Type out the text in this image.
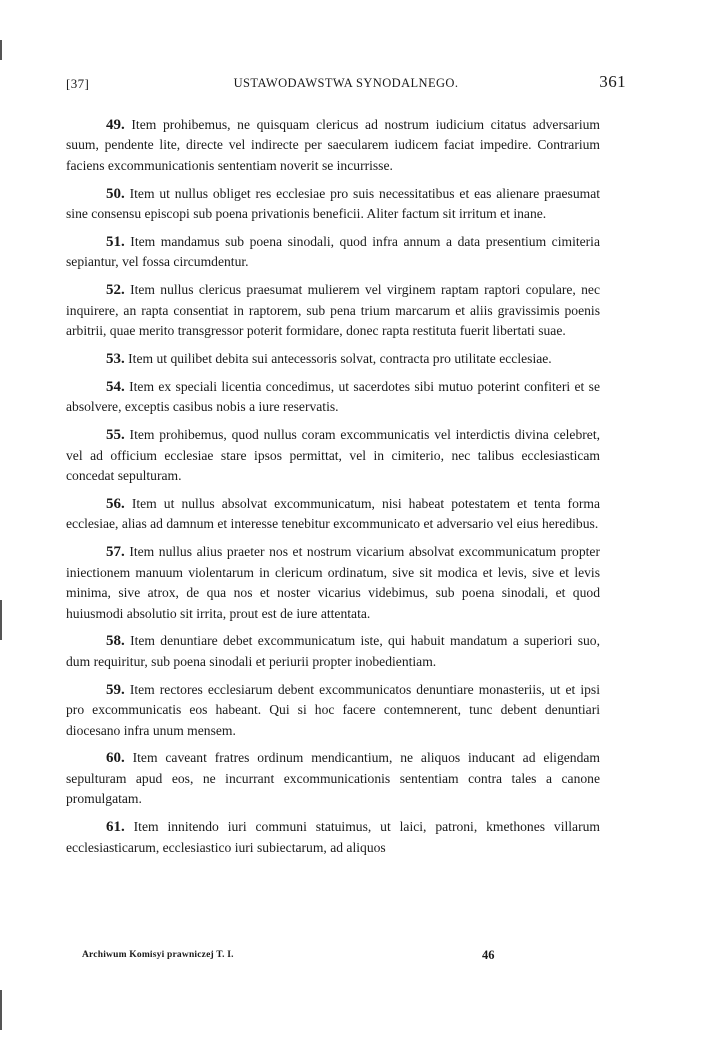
[37]	USTAWODAWSTWA SYNODALNEGO.	361

49. Item prohibemus, ne quisquam clericus ad nostrum iudicium citatus adversarium suum, pendente lite, directe vel indirecte per saecularem iudicem faciat impedire. Contrarium faciens excommunicationis sententiam noverit se incurrisse.

50. Item ut nullus obliget res ecclesiae pro suis necessitatibus et eas alienare praesumat sine consensu episcopi sub poena privationis beneficii. Aliter factum sit irritum et inane.

51. Item mandamus sub poena sinodali, quod infra annum a data presentium cimiteria sepiantur, vel fossa circumdentur.

52. Item nullus clericus praesumat mulierem vel virginem raptam raptori copulare, nec inquirere, an rapta consentiat in raptorem, sub pena trium marcarum et aliis gravissimis poenis arbitrii, quae merito transgressor poterit formidare, donec rapta restituta fuerit libertati suae.

53. Item ut quilibet debita sui antecessoris solvat, contracta pro utilitate ecclesiae.

54. Item ex speciali licentia concedimus, ut sacerdotes sibi mutuo poterint confiteri et se absolvere, exceptis casibus nobis a iure reservatis.

55. Item prohibemus, quod nullus coram excommunicatis vel interdictis divina celebret, vel ad officium ecclesiae stare ipsos permittat, vel in cimiterio, nec talibus ecclesiasticam concedat sepulturam.

56. Item ut nullus absolvat excommunicatum, nisi habeat potestatem et tenta forma ecclesiae, alias ad damnum et interesse tenebitur excommunicato et adversario vel eius heredibus.

57. Item nullus alius praeter nos et nostrum vicarium absolvat excommunicatum propter iniectionem manuum violentarum in clericum ordinatum, sive sit modica et levis, sive et levis minima, sive atrox, de qua nos et noster vicarius videbimus, sub poena sinodali, et quod huiusmodi absolutio sit irrita, prout est de iure attentata.

58. Item denuntiare debet excommunicatum iste, qui habuit mandatum a superiori suo, dum requiritur, sub poena sinodali et periurii propter inobedientiam.

59. Item rectores ecclesiarum debent excommunicatos denuntiare monasteriis, ut et ipsi pro excommunicatis eos habeant. Qui si hoc facere contemnerent, tunc debent denuntiari diocesano infra unum mensem.

60. Item caveant fratres ordinum mendicantium, ne aliquos inducant ad eligendam sepulturam apud eos, ne incurrant excommunicationis sententiam contra tales a canone promulgatam.

61. Item innitendo iuri communi statuimus, ut laici, patroni, kmethones villarum ecclesiasticarum, ecclesiastico iuri subiectarum, ad aliquos

Archiwum Komisyi prawniczej T. I.	46
